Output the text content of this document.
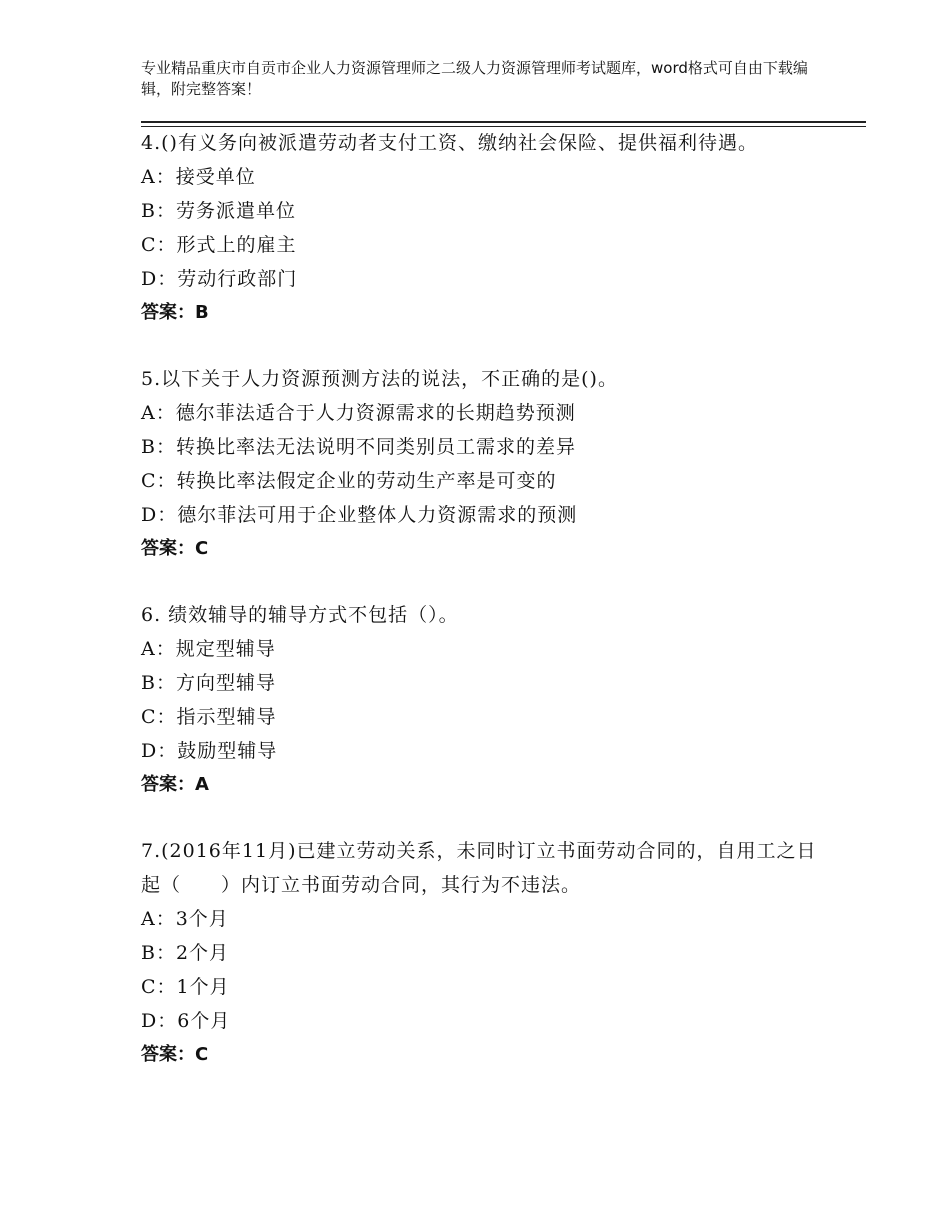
专业精品重庆市自贡市企业人力资源管理师之二级人力资源管理师考试题库，word格式可自由下载编辑，附完整答案！

4.()有义务向被派遣劳动者支付工资、缴纳社会保险、提供福利待遇。

A：接受单位

B：劳务派遣单位

C：形式上的雇主

D：劳动行政部门

答案：B

5.以下关于人力资源预测方法的说法，不正确的是()。

A：德尔菲法适合于人力资源需求的长期趋势预测

B：转换比率法无法说明不同类别员工需求的差异

C：转换比率法假定企业的劳动生产率是可变的

D：德尔菲法可用于企业整体人力资源需求的预测

答案：C

6. 绩效辅导的辅导方式不包括（）。

A：规定型辅导

B：方向型辅导

C：指示型辅导

D：鼓励型辅导

答案：A

7.(2016年11月)已建立劳动关系，未同时订立书面劳动合同的，自用工之日起（　　）内订立书面劳动合同，其行为不违法。

A：3个月

B：2个月

C：1个月

D：6个月

答案：C
